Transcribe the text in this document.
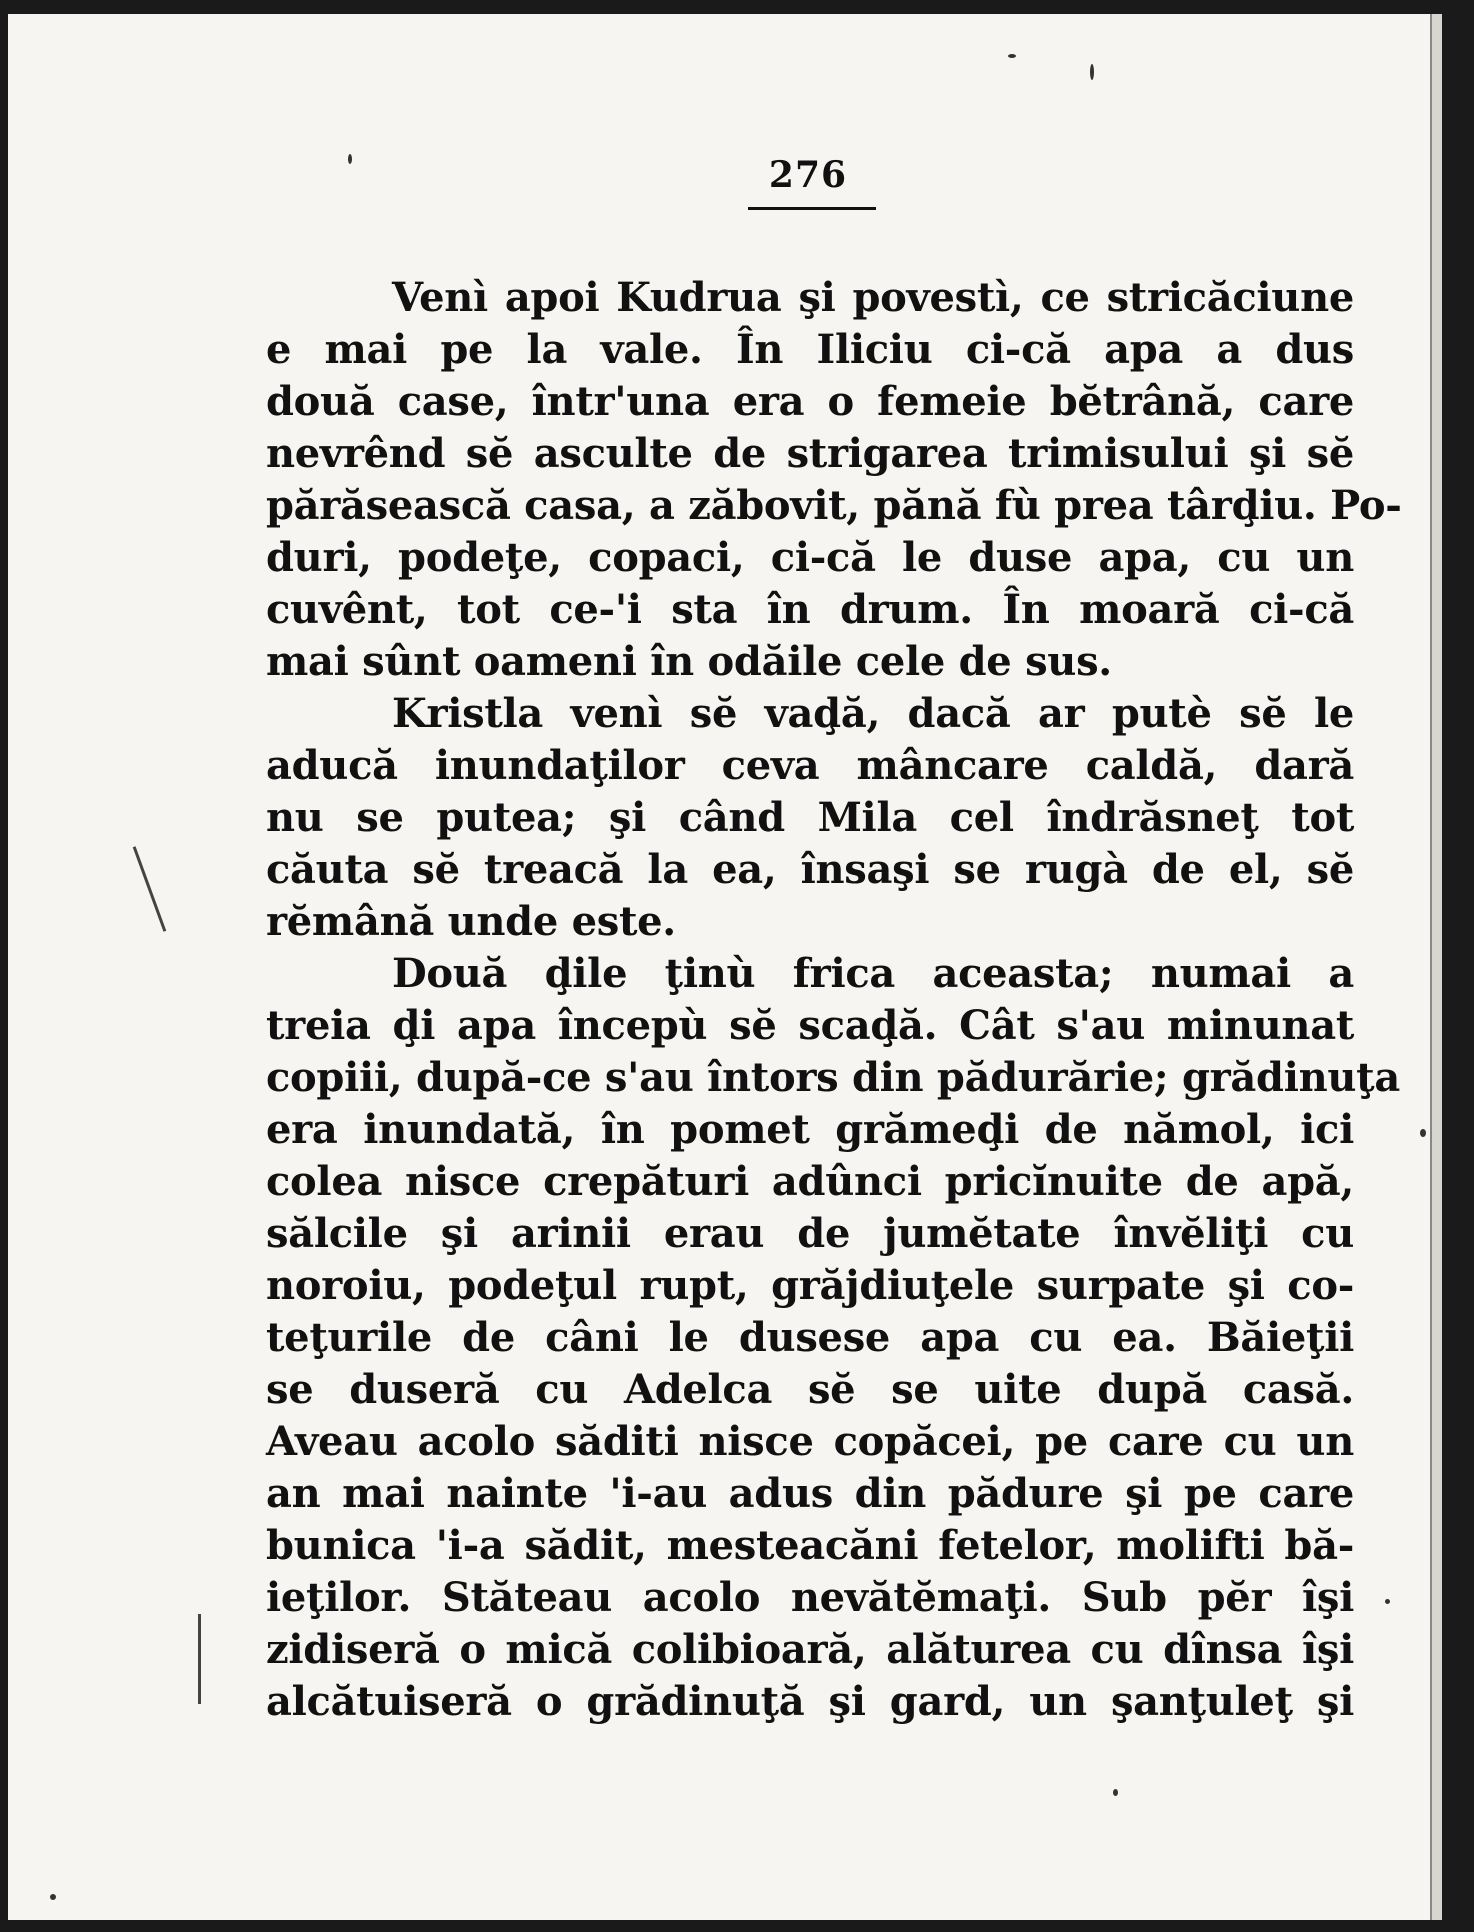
276
Venì apoi Kudrua şi povestì, ce stricăciune
e mai pe la vale. În Iliciu ci-că apa a dus
două case, într'una era o femeie bĕtrână, care
nevrênd sĕ asculte de strigarea trimisului şi sĕ
părăsească casa, a zăbovit, pănă fù prea târḑiu. Po-
duri, podeţe, copaci, ci-că le duse apa, cu un
cuvênt, tot ce-'i sta în drum. În moară ci-că
mai sûnt oameni în odăile cele de sus.
Kristla venì sĕ vaḑă, dacă ar putè sĕ le
aducă inundaţilor ceva mâncare caldă, dară
nu se putea; şi când Mila cel îndrăsneţ tot
căuta sĕ treacă la ea, însaşi se rugà de el, sĕ
rĕmână unde este.
Două ḑile ţinù frica aceasta; numai a
treia ḑi apa începù sĕ scaḑă. Cât s'au minunat
copiii, după-ce s'au întors din pădurărie; grădinuţa
era inundată, în pomet grămeḑi de nămol, ici
colea nisce crepături adûnci pricĭnuite de apă,
sălcile şi arinii erau de jumĕtate învĕliţi cu
noroiu, podeţul rupt, grăjdiuţele surpate şi co-
teţurile de câni le dusese apa cu ea. Băieţii
se duseră cu Adelca sĕ se uite după casă.
Aveau acolo săditi nisce copăcei, pe care cu un
an mai nainte 'i-au adus din pădure şi pe care
bunica 'i-a sădit, mesteacăni fetelor, molifti bă-
ieţilor. Stăteau acolo nevătĕmaţi. Sub pĕr îşi
zidiseră o mică colibioară, alăturea cu dînsa îşi
alcătuiseră o grădinuţă şi gard, un şanţuleţ şi
